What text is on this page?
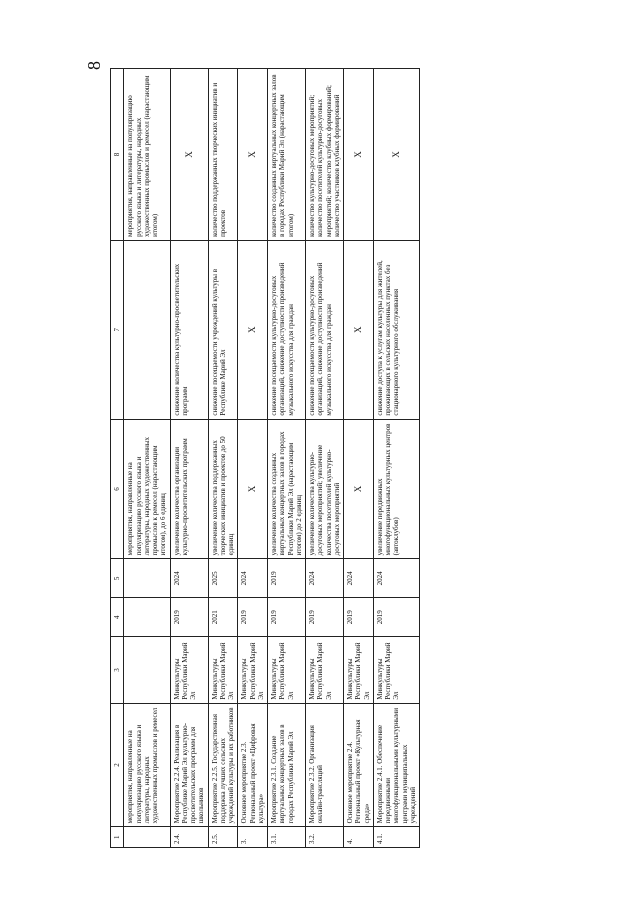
8
1	2	3	4	5	6	7	8
	мероприятия, направленные на популяризацию русского языка и литературы, народных художественных промыслов и ремесел				мероприятия, направленные на популяризацию русского языка и литературы, народных художественных промыслов к ремесел (нарастающим итогом), до 6 единиц		мероприятия, направленные на популяризацию русского языка и литературы, народных художественных промыслов и ремесел (нарастающим итогом)
2.4.	Мероприятие 2.2.4. Реализация в Республике Марий Эл культурно-просветительских программ для школьников	Минкультуры Республики Марий Эл	2019	2024	увеличение количества организации культурно-просветительских программ	снижение количества культурно-просветительских программ	Х
2.5.	Мероприятие 2.2.5. Государственная поддержка лучших сельских учреждений культуры и их работников	Минкультуры Республики Марий Эл	2021	2025	увеличение количества поддержанных творческих инициатив и проектов до 50 единиц	снижение посещаемости учреждений культуры в Республике Марий Эл	количество поддержанных творческих инициатив и проектов
3.	Основное мероприятие 2.3. Региональный проект «Цифровая культура»	Минкультуры Республики Марий Эл	2019	2024	Х	Х	Х
3.1.	Мероприятие 2.3.1. Создание виртуальных концертных залов в городах Республики Марий Эл	Минкультуры Республики Марий Эл	2019	2019	увеличение количества созданных виртуальных концертных залов в городах Республики Марий Эл (нарастающим итогом) до 2 единиц	снижение посещаемости культурно-досуговых организаций, снижение доступности произведений музыкального искусства для граждан	количество созданных виртуальных концертных залов в городах Республики Марий Эл (нарастающим итогом)
3.2.	Мероприятие 2.3.2. Организация онлайн-трансляций	Минкультуры Республики Марий Эл	2019	2024	увеличение количества культурно-досуговых мероприятий; увеличение количества посетителей культурно-досуговых мероприятий	снижение посещаемости культурно-досуговых организаций, снижение доступности произведений музыкального искусства для граждан	количество культурно-досуговых мероприятий; количество посетителей культурно-досуговых мероприятий; количество клубных формирований; количество участников клубных формирований
4.	Основное мероприятие 2.4. Региональный проект «Культурная среда»	Минкультуры Республики Марий Эл	2019	2024	Х	Х	Х
4.1.	Мероприятие 2.4.1. Обеспечение передвижными многофункциональными культурными центрами муниципальных учреждений	Минкультуры Республики Марий Эл	2019	2024	увеличение передвижных многофункциональных культурных центров (автоклубов)	снижение доступа к услугам культуры для жителей, проживающих в сельских населенных пунктах без стационарного культурного обслуживания	Х
